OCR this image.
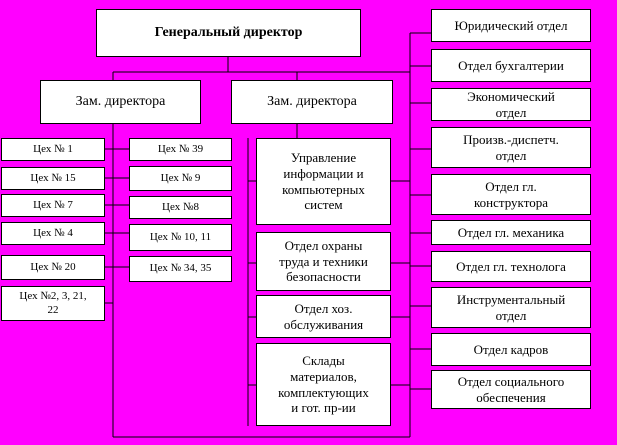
Генеральный директор
Зам. директора	Зам. директора
Цех № 1
Цех № 15
Цех № 7
Цех № 4
Цех № 20
Цех №2, 3, 21,
22
Цех № 39
Цех № 9
Цех №8
Цех № 10, 11
Цех № 34, 35
Управление
информации и
компьютерных
систем
Отдел охраны
труда и техники
безопасности
Отдел хоз.
обслуживания
Склады
материалов,
комплектующих
и гот. пр-ии
Юридический отдел
Отдел бухгалтерии
Экономический
отдел
Произв.-диспетч.
отдел
Отдел гл.
конструктора
Отдел гл. механика
Отдел гл. технолога
Инструментальный
отдел
Отдел кадров
Отдел социального
обеспечения
